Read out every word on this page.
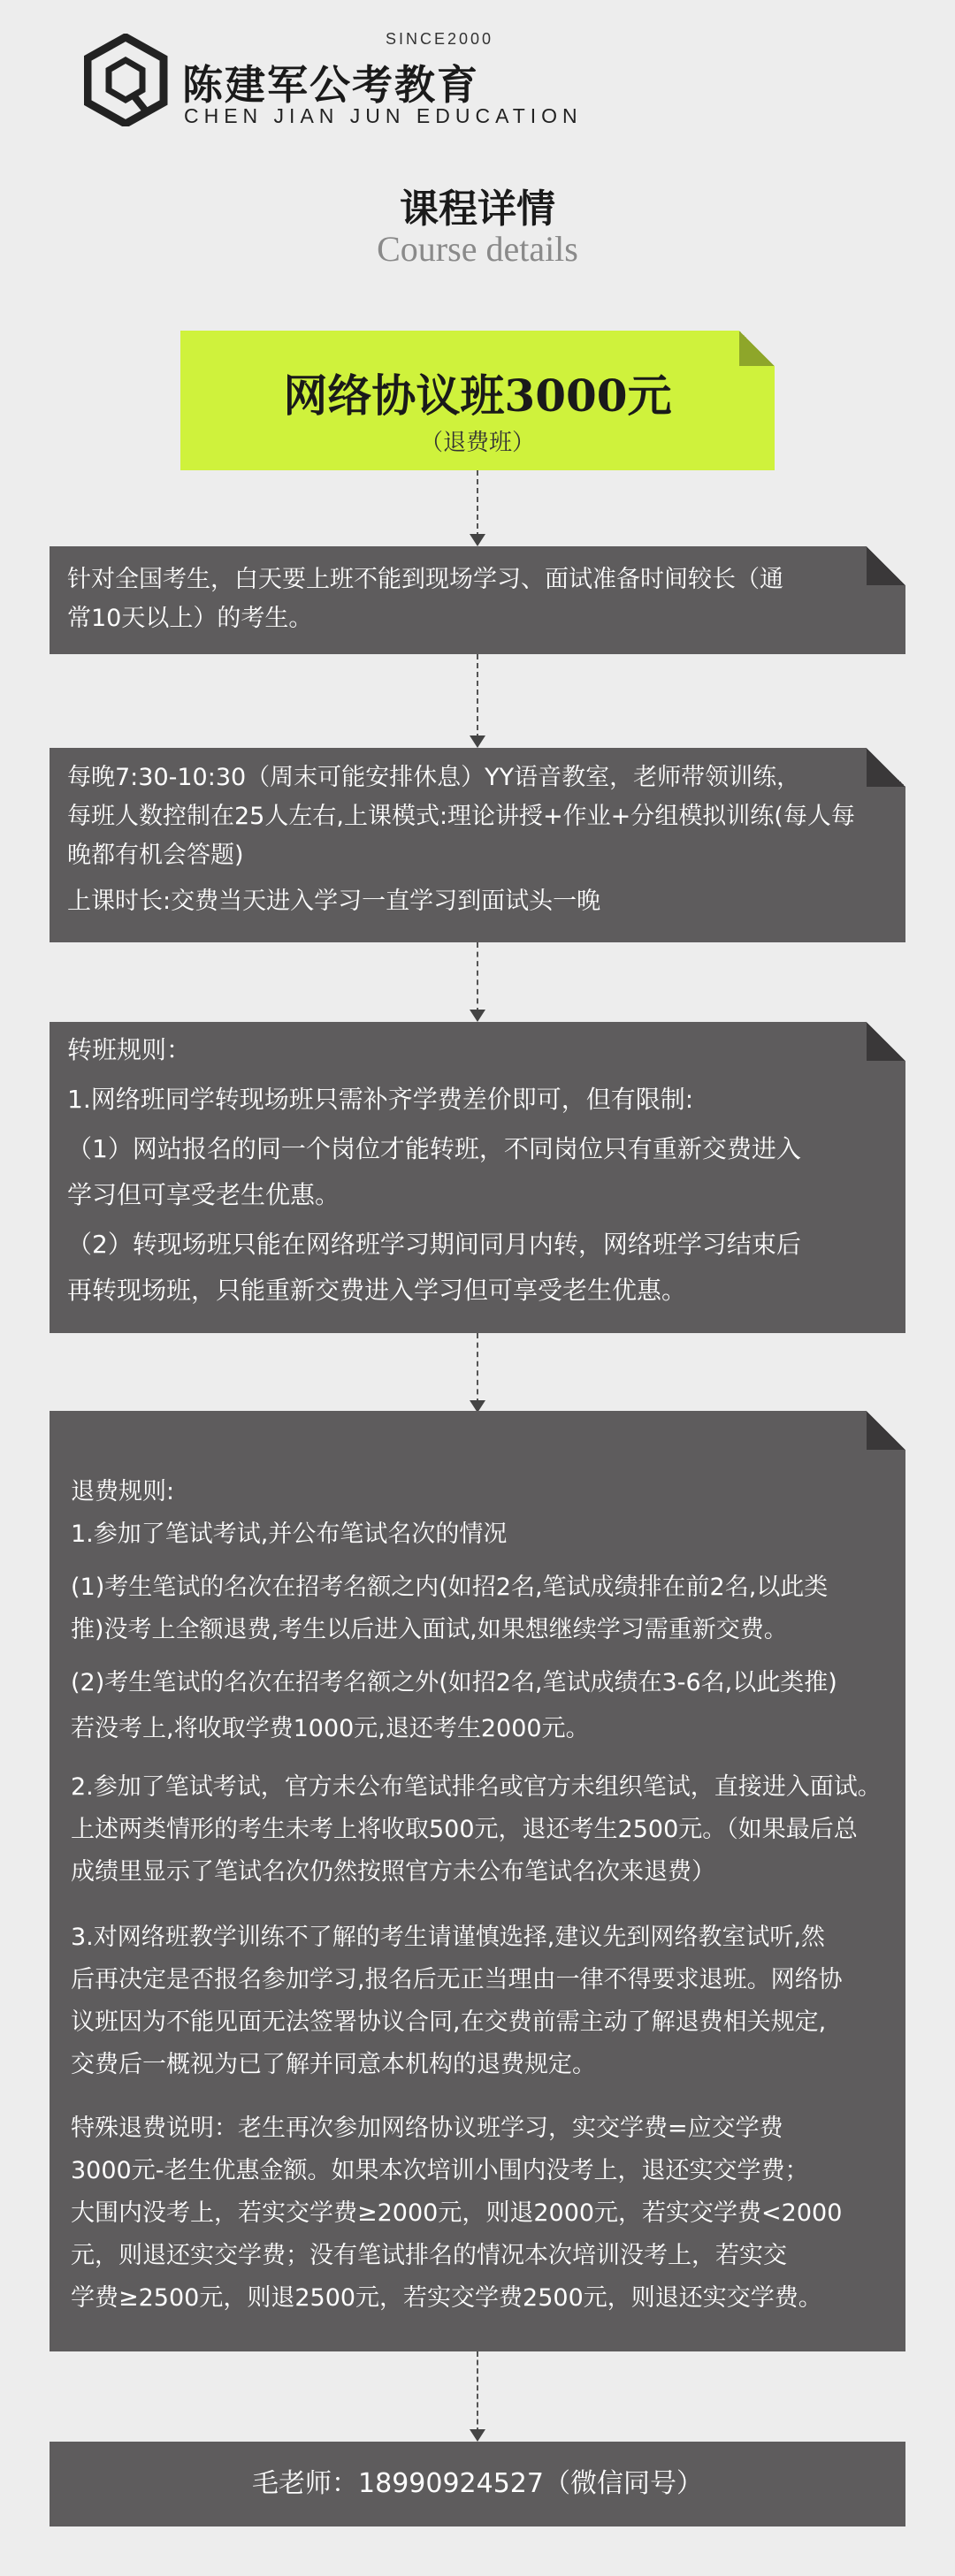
SINCE2000
陈建军公考教育
CHEN JIAN JUN EDUCATION
课程详情
Course details
网络协议班3000元
（退费班）
针对全国考生，白天要上班不能到现场学习、面试准备时间较长（通
常10天以上）的考生。
每晚7:30-10:30（周末可能安排休息）YY语音教室，老师带领训练，
每班人数控制在25人左右,上课模式:理论讲授+作业+分组模拟训练(每人每
晚都有机会答题)
上课时长:交费当天进入学习一直学习到面试头一晚
转班规则：
1.网络班同学转现场班只需补齐学费差价即可，但有限制:
（1）网站报名的同一个岗位才能转班，不同岗位只有重新交费进入
学习但可享受老生优惠。
（2）转现场班只能在网络班学习期间同月内转，网络班学习结束后
再转现场班，只能重新交费进入学习但可享受老生优惠。
退费规则:
1.参加了笔试考试,并公布笔试名次的情况
(1)考生笔试的名次在招考名额之内(如招2名,笔试成绩排在前2名,以此类
推)没考上全额退费,考生以后进入面试,如果想继续学习需重新交费。
(2)考生笔试的名次在招考名额之外(如招2名,笔试成绩在3-6名,以此类推)
若没考上,将收取学费1000元,退还考生2000元。
2.参加了笔试考试，官方未公布笔试排名或官方未组织笔试，直接进入面试。
上述两类情形的考生未考上将收取500元，退还考生2500元。（如果最后总
成绩里显示了笔试名次仍然按照官方未公布笔试名次来退费）
3.对网络班教学训练不了解的考生请谨慎选择,建议先到网络教室试听,然
后再决定是否报名参加学习,报名后无正当理由一律不得要求退班。网络协
议班因为不能见面无法签署协议合同,在交费前需主动了解退费相关规定,
交费后一概视为已了解并同意本机构的退费规定。
特殊退费说明：老生再次参加网络协议班学习，实交学费=应交学费
3000元-老生优惠金额。如果本次培训小围内没考上，退还实交学费；
大围内没考上，若实交学费≥2000元，则退2000元，若实交学费<2000
元，则退还实交学费；没有笔试排名的情况本次培训没考上，若实交
学费≥2500元，则退2500元，若实交学费2500元，则退还实交学费。
毛老师：18990924527（微信同号）
